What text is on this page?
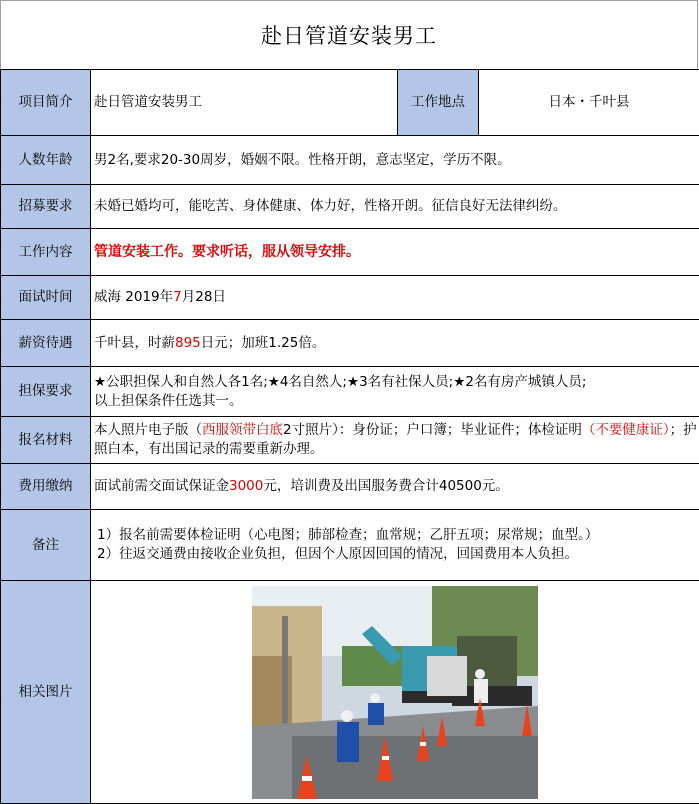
赴日管道安装男工
项目简介	赴日管道安装男工	工作地点	日本・千叶县
人数年龄	男2名,要求20-30周岁，婚姻不限。性格开朗，意志坚定，学历不限。		
招募要求	未婚已婚均可，能吃苦、身体健康、体力好，性格开朗。征信良好无法律纠纷。		
工作内容	管道安装工作。要求听话，服从领导安排。		
面试时间	威海 2019年7月28日		
薪资待遇	千叶县，时薪895日元；加班1.25倍。		
担保要求	★公职担保人和自然人各1名;★4名自然人;★3名有社保人员;★2名有房产城镇人员;
以上担保条件任选其一。		

报名材料	本人照片电子版（西服领带白底2寸照片）：身份证；户口簿；毕业证件；体检证明（不要健康证）；护照白本，有出国记录的需要重新办理。		
费用缴纳	面试前需交面试保证金3000元，培训费及出国服务费合计40500元。		
备注	1）报名前需要体检证明（心电图；肺部检查；血常规；乙肝五项；尿常规；血型。）
2）往返交通费由接收企业负担，但因个人原因回国的情况，回国费用本人负担。		

相关图片	
